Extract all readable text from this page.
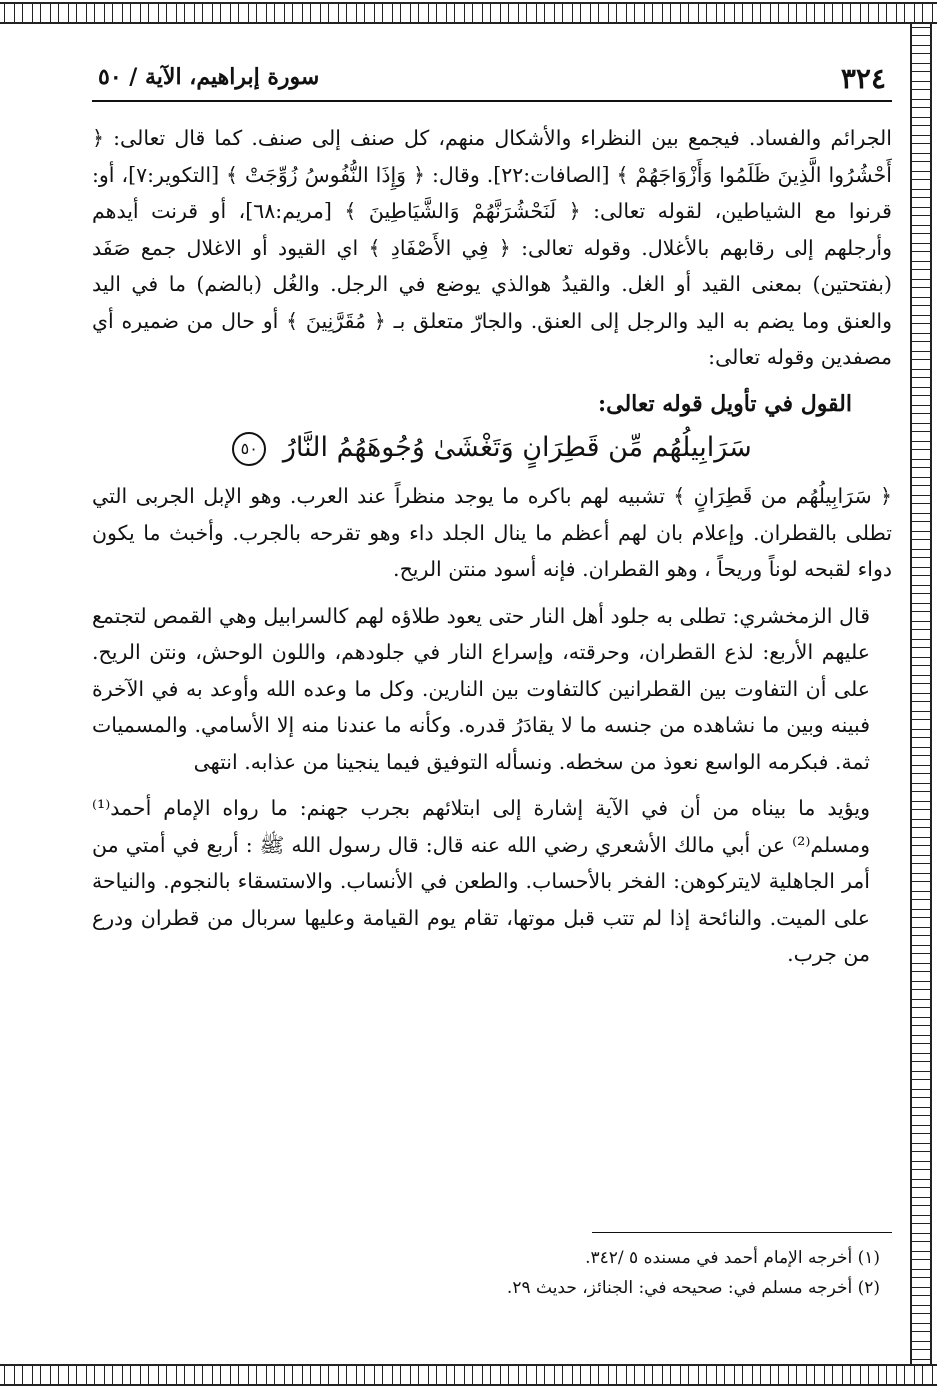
٣٢٤
سورة إبراهيم، الآية / ٥٠

الجرائم والفساد. فيجمع بين النظراء والأشكال منهم، كل صنف إلى صنف. كما قال تعالى: ﴿ أَحْشُرُوا الَّذِينَ ظَلَمُوا وَأَزْوَاجَهُمْ ﴾ [الصافات:٢٢]. وقال: ﴿ وَإِذَا النُّفُوسُ زُوِّجَتْ ﴾ [التكوير:٧]، أو: قرنوا مع الشياطين، لقوله تعالى: ﴿ لَنَحْشُرَنَّهُمْ وَالشَّيَاطِينَ ﴾ [مريم:٦٨]، أو قرنت أيدهم وأرجلهم إلى رقابهم بالأغلال. وقوله تعالى: ﴿ فِي الأَصْفَادِ ﴾ اي القيود أو الاغلال جمع صَفَد (بفتحتين) بمعنى القيد أو الغل. والقيدُ هوالذي يوضع في الرجل. والغُل (بالضم) ما في اليد والعنق وما يضم به اليد والرجل إلى العنق. والجارّ متعلق بـ ﴿ مُقَرَّنِينَ ﴾ أو حال من ضميره أي مصفدين وقوله تعالى:

القول في تأويل قوله تعالى:
سَرَابِيلُهُم مِّن قَطِرَانٍ وَتَغْشَىٰ وُجُوهَهُمُ النَّارُ ٥٠

﴿ سَرَابِيلُهُم من قَطِرَانٍ ﴾ تشبيه لهم باكره ما يوجد منظراً عند العرب. وهو الإبل الجربى التي تطلى بالقطران. وإعلام بان لهم أعظم ما ينال الجلد داء وهو تقرحه بالجرب. وأخبث ما يكون دواء لقبحه لوناً وريحاً ، وهو القطران. فإنه أسود منتن الريح.

قال الزمخشري: تطلى به جلود أهل النار حتى يعود طلاؤه لهم كالسرابيل وهي القمص لتجتمع عليهم الأربع: لذع القطران، وحرقته، وإسراع النار في جلودهم، واللون الوحش، ونتن الريح. على أن التفاوت بين القطرانين كالتفاوت بين النارين. وكل ما وعده الله وأوعد به في الآخرة فبينه وبين ما نشاهده من جنسه ما لا يقادَرُ قدره. وكأنه ما عندنا منه إلا الأسامي. والمسميات ثمة. فبكرمه الواسع نعوذ من سخطه. ونسأله التوفيق فيما ينجينا من عذابه. انتهى

ويؤيد ما بيناه من أن في الآية إشارة إلى ابتلائهم بجرب جهنم: ما رواه الإمام أحمد⁽¹⁾ ومسلم⁽²⁾ عن أبي مالك الأشعري رضي الله عنه قال: قال رسول الله ﷺ : أربع في أمتي من أمر الجاهلية لايتركوهن: الفخر بالأحساب. والطعن في الأنساب. والاستسقاء بالنجوم. والنياحة على الميت. والنائحة إذا لم تتب قبل موتها، تقام يوم القيامة وعليها سربال من قطران ودرع من جرب.

(١) أخرجه الإمام أحمد في مسنده ٥ /٣٤٢.

(٢) أخرجه مسلم في: صحيحه في: الجنائز، حديث ٢٩.
